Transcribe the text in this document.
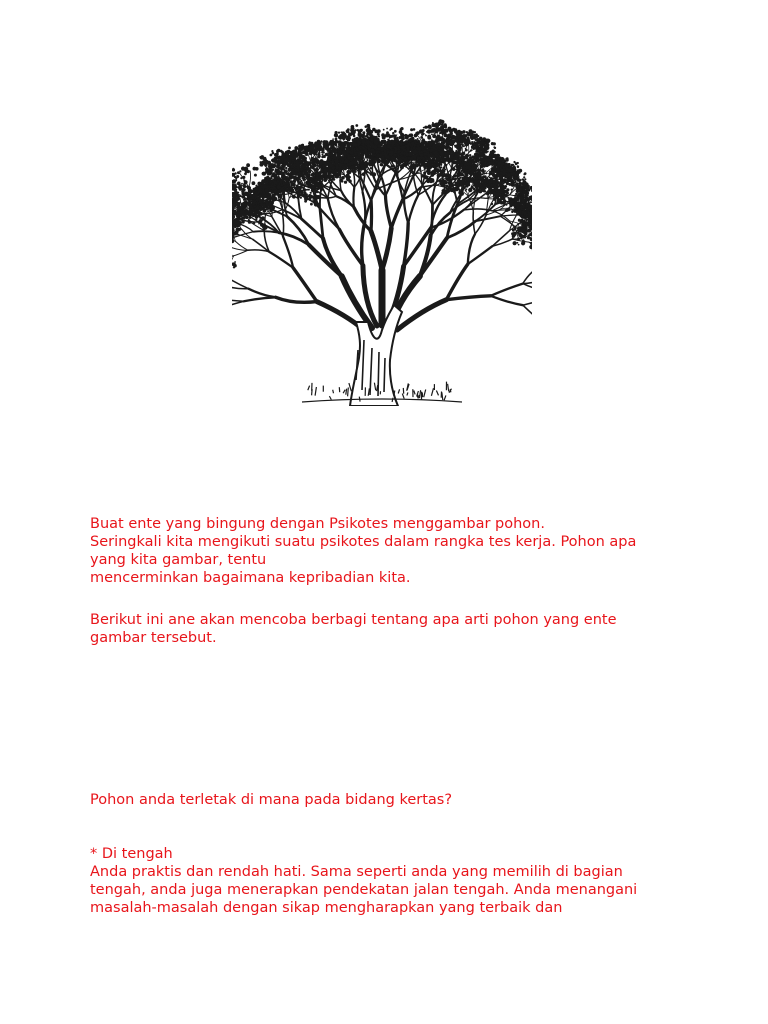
Buat ente yang bingung dengan Psikotes menggambar pohon.
Seringkali kita mengikuti suatu psikotes dalam rangka tes kerja. Pohon apa
yang kita gambar, tentu
mencerminkan bagaimana kepribadian kita.

Berikut ini ane akan mencoba berbagi tentang apa arti pohon yang ente
gambar tersebut.

Pohon anda terletak di mana pada bidang kertas?

* Di tengah
Anda praktis dan rendah hati. Sama seperti anda yang memilih di bagian
tengah, anda juga menerapkan pendekatan jalan tengah. Anda menangani
masalah-masalah dengan sikap mengharapkan yang terbaik dan
